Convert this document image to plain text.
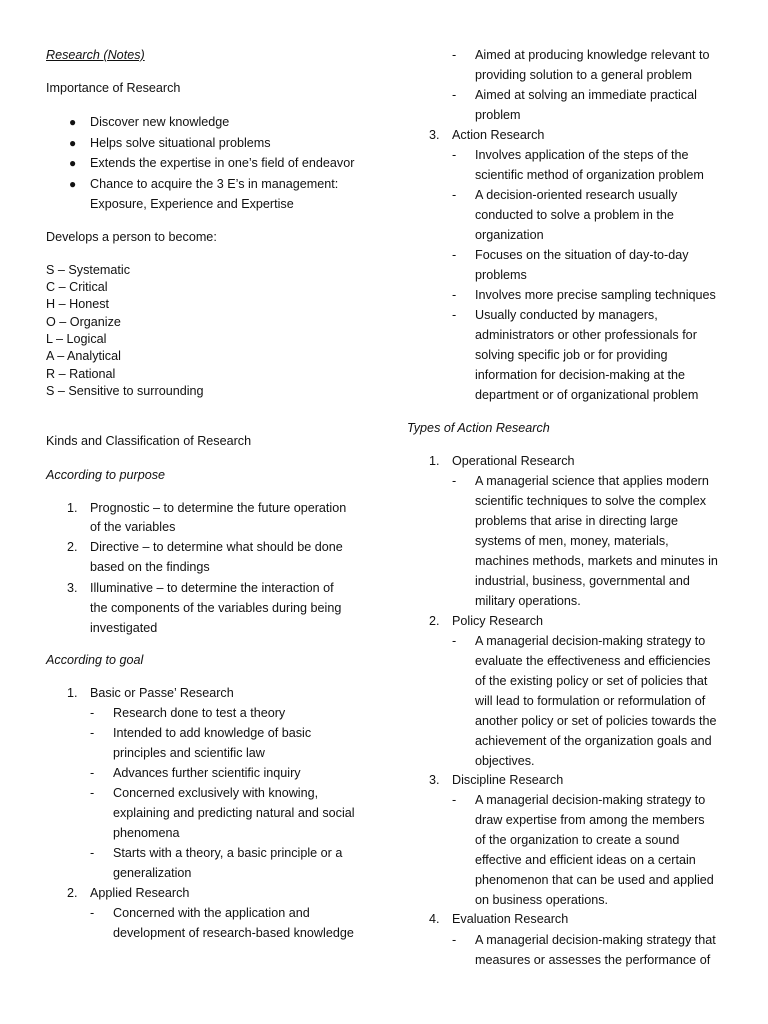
Research (Notes)
Importance of Research
● Discover new knowledge
● Helps solve situational problems
● Extends the expertise in one’s field of endeavor
● Chance to acquire the 3 E’s in management:
Exposure, Experience and Expertise
Develops a person to become:
S – Systematic
C – Critical
H – Honest
O – Organize
L – Logical
A – Analytical
R – Rational
S – Sensitive to surrounding
Kinds and Classification of Research
According to purpose
1. Prognostic – to determine the future operation
of the variables
2. Directive – to determine what should be done
based on the findings
3. Illuminative – to determine the interaction of
the components of the variables during being
investigated
According to goal
1. Basic or Passe’ Research
- Research done to test a theory
- Intended to add knowledge of basic
principles and scientific law
- Advances further scientific inquiry
- Concerned exclusively with knowing,
explaining and predicting natural and social
phenomena
- Starts with a theory, a basic principle or a
generalization
2. Applied Research
- Concerned with the application and
development of research-based knowledge
- Aimed at producing knowledge relevant to
providing solution to a general problem
- Aimed at solving an immediate practical
problem
3. Action Research
- Involves application of the steps of the
scientific method of organization problem
- A decision-oriented research usually
conducted to solve a problem in the
organization
- Focuses on the situation of day-to-day
problems
- Involves more precise sampling techniques
- Usually conducted by managers,
administrators or other professionals for
solving specific job or for providing
information for decision-making at the
department or of organizational problem
Types of Action Research
1. Operational Research
- A managerial science that applies modern
scientific techniques to solve the complex
problems that arise in directing large
systems of men, money, materials,
machines methods, markets and minutes in
industrial, business, governmental and
military operations.
2. Policy Research
- A managerial decision-making strategy to
evaluate the effectiveness and efficiencies
of the existing policy or set of policies that
will lead to formulation or reformulation of
another policy or set of policies towards the
achievement of the organization goals and
objectives.
3. Discipline Research
- A managerial decision-making strategy to
draw expertise from among the members
of the organization to create a sound
effective and efficient ideas on a certain
phenomenon that can be used and applied
on business operations.
4. Evaluation Research
- A managerial decision-making strategy that
measures or assesses the performance of
